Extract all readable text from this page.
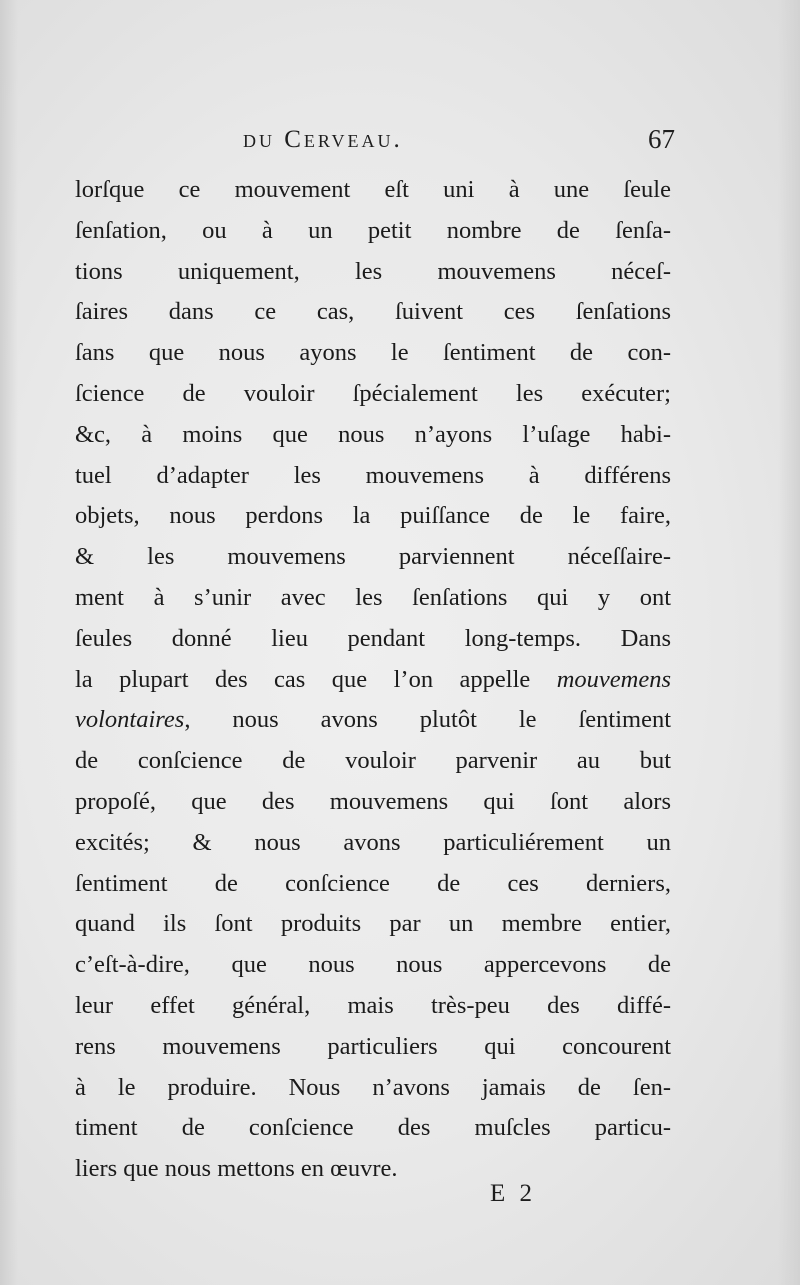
du Cerveau.	67
lorſque ce mouvement eſt uni à une ſeule
ſenſation, ou à un petit nombre de ſenſa-
tions uniquement, les mouvemens néceſ-
ſaires dans ce cas, ſuivent ces ſenſations
ſans que nous ayons le ſentiment de con-
ſcience de vouloir ſpécialement les exécuter;
&c, à moins que nous n’ayons l’uſage habi-
tuel d’adapter les mouvemens à différens
objets, nous perdons la puiſſance de le faire,
& les mouvemens parviennent néceſſaire-
ment à s’unir avec les ſenſations qui y ont
ſeules donné lieu pendant long-temps. Dans
la plupart des cas que l’on appelle mouvemens
volontaires, nous avons plutôt le ſentiment
de conſcience de vouloir parvenir au but
propoſé, que des mouvemens qui ſont alors
excités; & nous avons particuliérement un
ſentiment de conſcience de ces derniers,
quand ils ſont produits par un membre entier,
c’eſt-à-dire, que nous nous appercevons de
leur effet général, mais très-peu des diffé-
rens mouvemens particuliers qui concourent
à le produire. Nous n’avons jamais de ſen-
timent de conſcience des muſcles particu-
liers que nous mettons en œuvre.
E 2
